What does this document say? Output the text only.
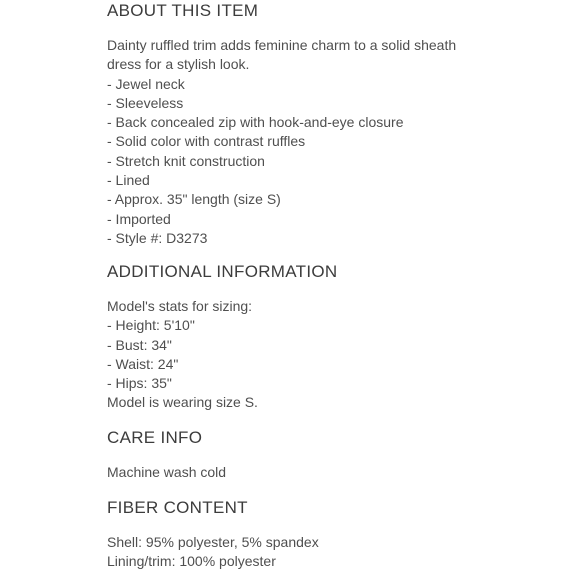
ABOUT THIS ITEM
Dainty ruffled trim adds feminine charm to a solid sheath
dress for a stylish look.
- Jewel neck
- Sleeveless
- Back concealed zip with hook-and-eye closure
- Solid color with contrast ruffles
- Stretch knit construction
- Lined
- Approx. 35" length (size S)
- Imported
- Style #: D3273
ADDITIONAL INFORMATION
Model's stats for sizing:
- Height: 5'10"
- Bust: 34"
- Waist: 24"
- Hips: 35"
Model is wearing size S.
CARE INFO
Machine wash cold
FIBER CONTENT
Shell: 95% polyester, 5% spandex
Lining/trim: 100% polyester
